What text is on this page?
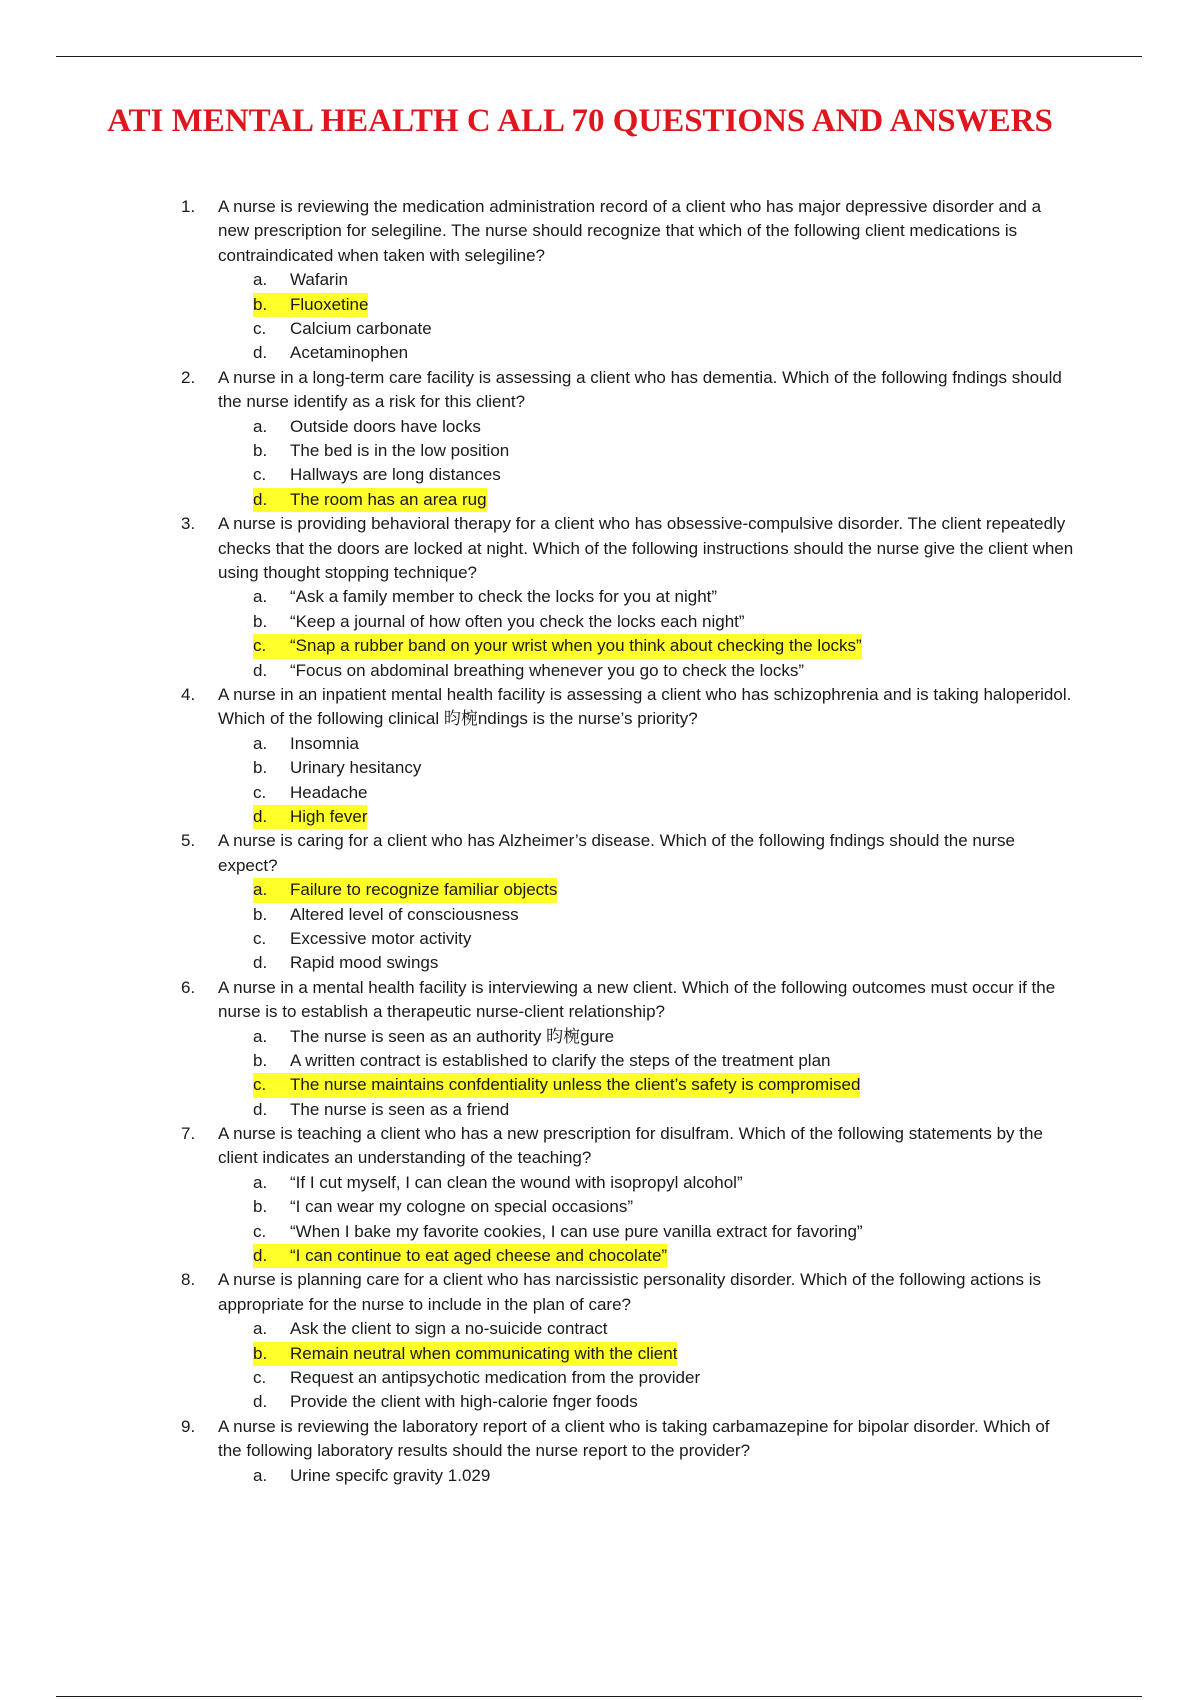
ATI MENTAL HEALTH C ALL 70 QUESTIONS AND ANSWERS
1. A nurse is reviewing the medication administration record of a client who has major depressive disorder and a new prescription for selegiline. The nurse should recognize that which of the following client medications is contraindicated when taken with selegiline?

a. Wafarin
b.	Fluoxetine
c. Calcium carbonate
d. Acetaminophen
2. A nurse in a long-term care facility is assessing a client who has dementia. Which of the following fndings should the nurse identify as a risk for this client?

a. Outside doors have locks
b. The bed is in the low position
c. Hallways are long distances
d.	The room has an area rug
3. A nurse is providing behavioral therapy for a client who has obsessive-compulsive disorder. The client repeatedly checks that the doors are locked at night. Which of the following instructions should the nurse give the client when using thought stopping technique?

a. “Ask a family member to check the locks for you at night”
b. “Keep a journal of how often you check the locks each night”
c.	“Snap a rubber band on your wrist when you think about checking the locks”
d. “Focus on abdominal breathing whenever you go to check the locks”
4. A nurse in an inpatient mental health facility is assessing a client who has schizophrenia and is taking haloperidol. Which of the following clinical 昀椀ndings is the nurse’s priority?

a. Insomnia
b. Urinary hesitancy
c. Headache
d.	High fever
5. A nurse is caring for a client who has Alzheimer’s disease. Which of the following fndings should the nurse expect?

a.	Failure to recognize familiar objects
b. Altered level of consciousness
c. Excessive motor activity
d. Rapid mood swings
6. A nurse in a mental health facility is interviewing a new client. Which of the following outcomes must occur if the nurse is to establish a therapeutic nurse-client relationship?

a. The nurse is seen as an authority 昀椀gure
b. A written contract is established to clarify the steps of the treatment plan
c.	The nurse maintains confdentiality unless the client’s safety is compromised
d. The nurse is seen as a friend
7. A nurse is teaching a client who has a new prescription for disulfram. Which of the following statements by the client indicates an understanding of the teaching?

a. “If I cut myself, I can clean the wound with isopropyl alcohol”
b. “I can wear my cologne on special occasions”
c. “When I bake my favorite cookies, I can use pure vanilla extract for favoring”
d.	“I can continue to eat aged cheese and chocolate”
8. A nurse is planning care for a client who has narcissistic personality disorder. Which of the following actions is appropriate for the nurse to include in the plan of care?

a. Ask the client to sign a no-suicide contract
b.	Remain neutral when communicating with the client
c. Request an antipsychotic medication from the provider
d. Provide the client with high-calorie fnger foods
9. A nurse is reviewing the laboratory report of a client who is taking carbamazepine for bipolar disorder. Which of the following laboratory results should the nurse report to the provider?

a. Urine specifc gravity 1.029
